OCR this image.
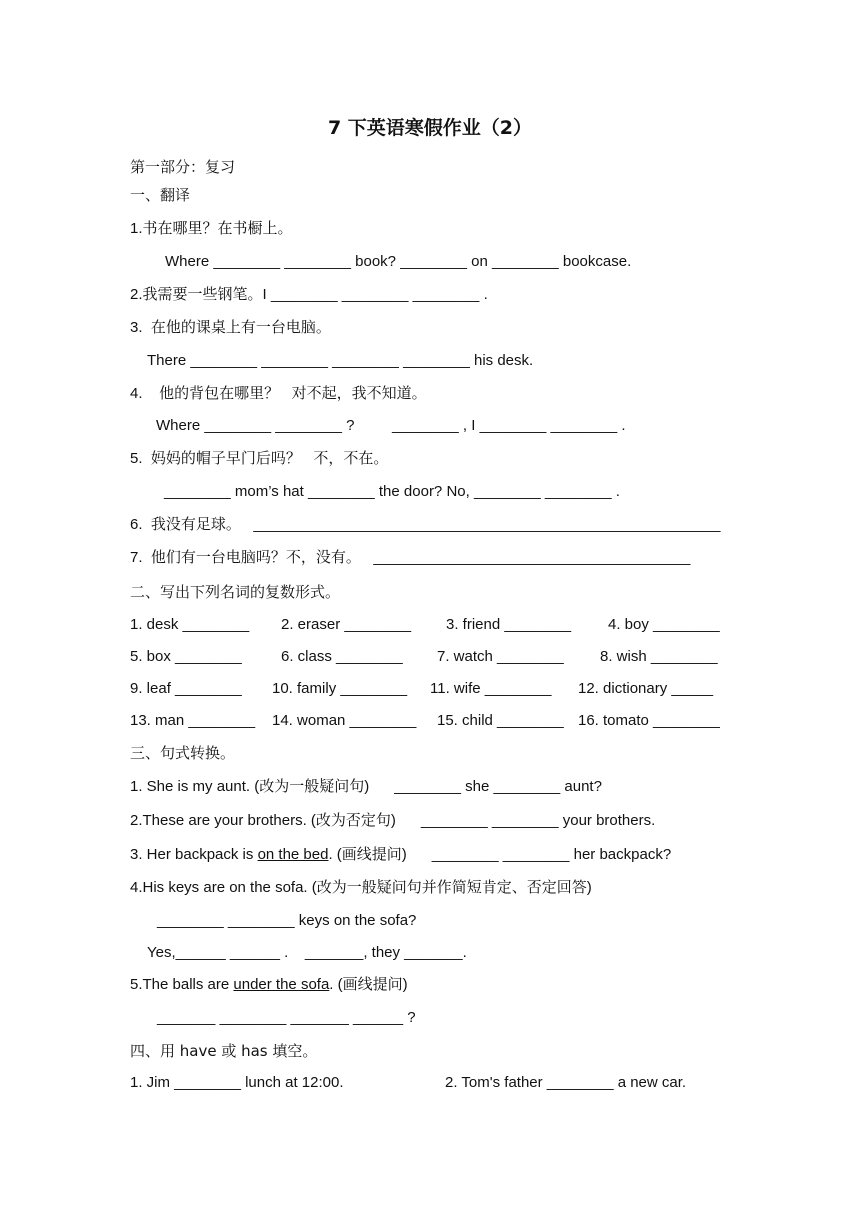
7 下英语寒假作业（2）
第一部分：复习
一、翻译
1.书在哪里？在书橱上。
Where ________ ________ book? ________ on ________ bookcase.
2.我需要一些钢笔。I ________ ________ ________ .
3.  在他的课桌上有一台电脑。
There ________ ________ ________ ________ his desk.
4.    他的背包在哪里？   对不起，我不知道。
Where ________ ________ ?         ________ , I ________ ________ .
5.  妈妈的帽子早门后吗？   不，不在。
________ mom’s hat ________ the door? No, ________ ________ .
6.  我没有足球。   ________________________________________________________
7.  他们有一台电脑吗？不，没有。   ______________________________________
二、写出下列名词的复数形式。
1. desk ________ 2. eraser ________ 3. friend ________ 4. boy ________
5. box ________	6. class ________ 7. watch ________ 8. wish ________
9. leaf ________ 10. family ________ 11. wife ________ 12. dictionary _____
13. man ________ 14. woman ________ 15. child ________ 16. tomato ________
三、句式转换。
1. She is my aunt. (改为一般疑问句)      ________ she ________ aunt?
2.These are your brothers. (改为否定句)      ________ ________ your brothers.
3. Her backpack is on the bed. (画线提问)      ________ ________ her backpack?
4.His keys are on the sofa. (改为一般疑问句并作简短肯定、否定回答)
________ ________ keys on the sofa?
Yes,______ ______ .    _______, they _______.
5.The balls are under the sofa. (画线提问)
_______ ________ _______ ______ ?
四、用 have 或 has 填空。
1. Jim ________ lunch at 12:00.	2. Tom's father ________ a new car.
